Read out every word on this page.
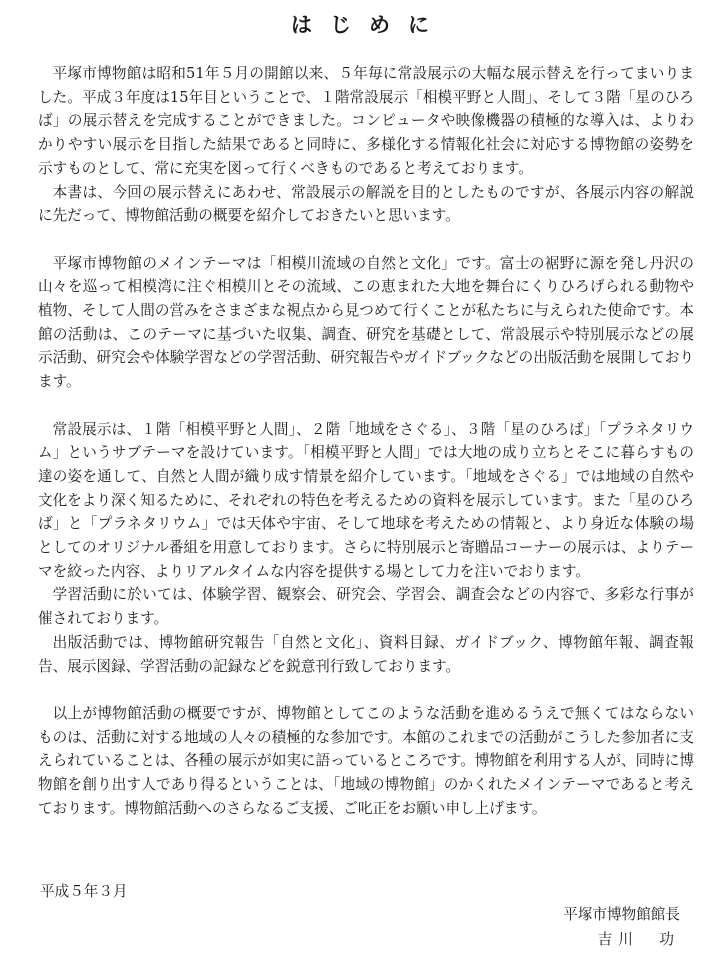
はじめに

平塚市博物館は昭和51年５月の開館以来、５年毎に常設展示の大幅な展示替えを行ってまいりました。平成３年度は15年目ということで、１階常設展示「相模平野と人間」、そして３階「星のひろば」の展示替えを完成することができました。コンピュータや映像機器の積極的な導入は、よりわかりやすい展示を目指した結果であると同時に、多様化する情報化社会に対応する博物館の姿勢を示すものとして、常に充実を図って行くべきものであると考えております。

本書は、今回の展示替えにあわせ、常設展示の解説を目的としたものですが、各展示内容の解説に先だって、博物館活動の概要を紹介しておきたいと思います。

平塚市博物館のメインテーマは「相模川流域の自然と文化」です。富士の裾野に源を発し丹沢の山々を巡って相模湾に注ぐ相模川とその流域、この恵まれた大地を舞台にくりひろげられる動物や植物、そして人間の営みをさまざまな視点から見つめて行くことが私たちに与えられた使命です。本館の活動は、このテーマに基づいた収集、調査、研究を基礎として、常設展示や特別展示などの展示活動、研究会や体験学習などの学習活動、研究報告やガイドブックなどの出版活動を展開しております。

常設展示は、１階「相模平野と人間」、２階「地域をさぐる」、３階「星のひろば」「プラネタリウム」というサブテーマを設けています。「相模平野と人間」では大地の成り立ちとそこに暮らすもの達の姿を通して、自然と人間が織り成す情景を紹介しています。「地域をさぐる」では地域の自然や文化をより深く知るために、それぞれの特色を考えるための資料を展示しています。また「星のひろば」と「プラネタリウム」では天体や宇宙、そして地球を考えための情報と、より身近な体験の場としてのオリジナル番組を用意しております。さらに特別展示と寄贈品コーナーの展示は、よりテーマを絞った内容、よりリアルタイムな内容を提供する場として力を注いでおります。

学習活動に於いては、体験学習、観察会、研究会、学習会、調査会などの内容で、多彩な行事が催されております。

出版活動では、博物館研究報告「自然と文化」、資料目録、ガイドブック、博物館年報、調査報告、展示図録、学習活動の記録などを鋭意刊行致しております。

以上が博物館活動の概要ですが、博物館としてこのような活動を進めるうえで無くてはならないものは、活動に対する地域の人々の積極的な参加です。本館のこれまでの活動がこうした参加者に支えられていることは、各種の展示が如実に語っているところです。博物館を利用する人が、同時に博物館を創り出す人であり得るということは、「地域の博物館」のかくれたメインテーマであると考えております。博物館活動へのさらなるご支援、ご叱正をお願い申し上げます。

平成５年３月
平塚市博物館館長
吉川　功
